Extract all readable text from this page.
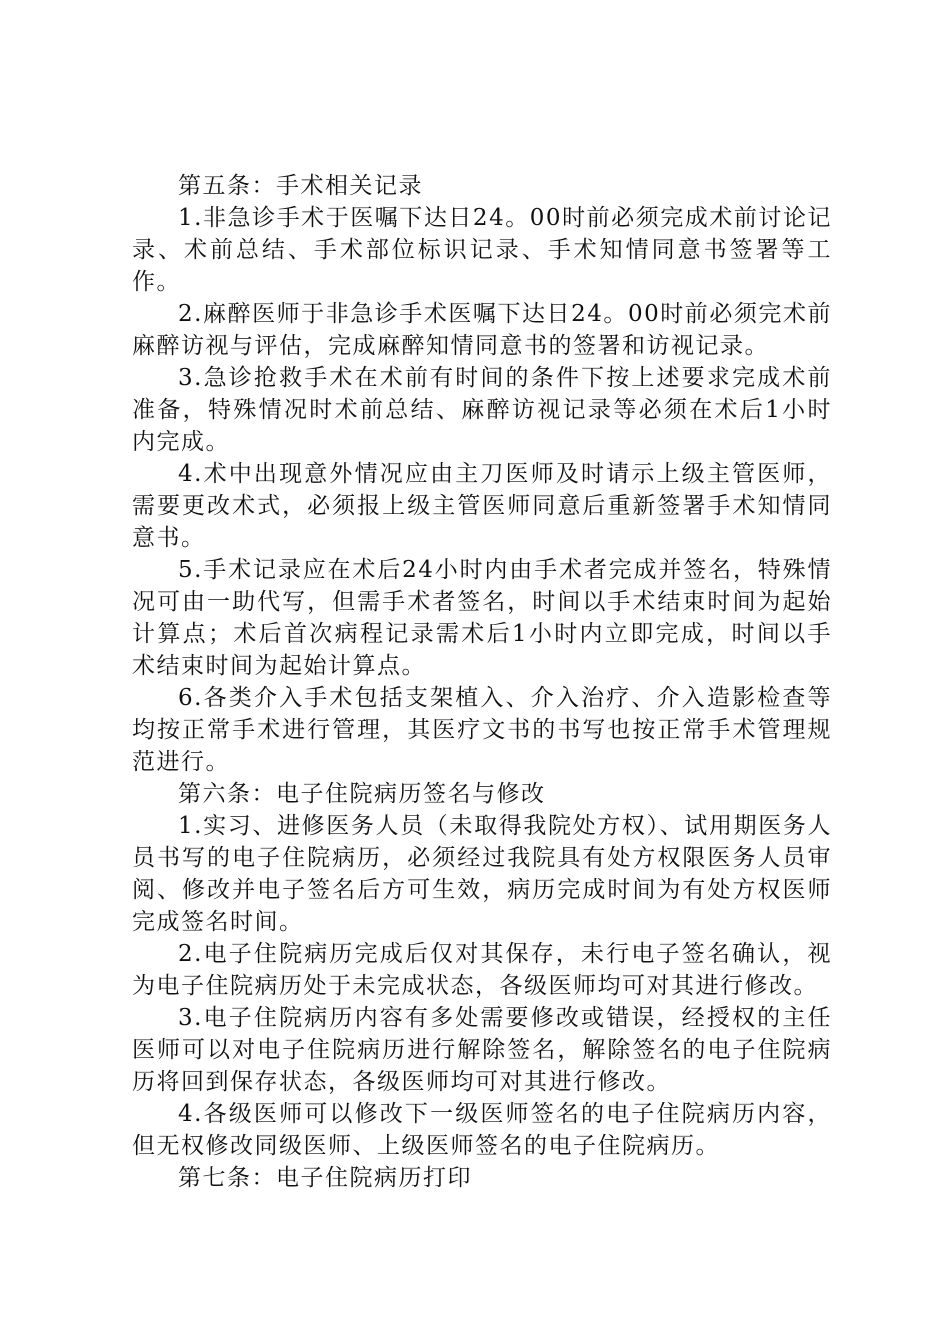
第五条：手术相关记录

1.非急诊手术于医嘱下达日24。00时前必须完成术前讨论记录、术前总结、手术部位标识记录、手术知情同意书签署等工作。

2.麻醉医师于非急诊手术医嘱下达日24。00时前必须完术前麻醉访视与评估，完成麻醉知情同意书的签署和访视记录。

3.急诊抢救手术在术前有时间的条件下按上述要求完成术前准备，特殊情况时术前总结、麻醉访视记录等必须在术后1小时内完成。

4.术中出现意外情况应由主刀医师及时请示上级主管医师，需要更改术式，必须报上级主管医师同意后重新签署手术知情同意书。

5.手术记录应在术后24小时内由手术者完成并签名，特殊情况可由一助代写，但需手术者签名，时间以手术结束时间为起始计算点；术后首次病程记录需术后1小时内立即完成，时间以手术结束时间为起始计算点。

6.各类介入手术包括支架植入、介入治疗、介入造影检查等均按正常手术进行管理，其医疗文书的书写也按正常手术管理规范进行。

第六条：电子住院病历签名与修改

1.实习、进修医务人员（未取得我院处方权）、试用期医务人员书写的电子住院病历，必须经过我院具有处方权限医务人员审阅、修改并电子签名后方可生效，病历完成时间为有处方权医师完成签名时间。

2.电子住院病历完成后仅对其保存，未行电子签名确认，视为电子住院病历处于未完成状态，各级医师均可对其进行修改。

3.电子住院病历内容有多处需要修改或错误，经授权的主任医师可以对电子住院病历进行解除签名，解除签名的电子住院病历将回到保存状态，各级医师均可对其进行修改。

4.各级医师可以修改下一级医师签名的电子住院病历内容，但无权修改同级医师、上级医师签名的电子住院病历。

第七条：电子住院病历打印
